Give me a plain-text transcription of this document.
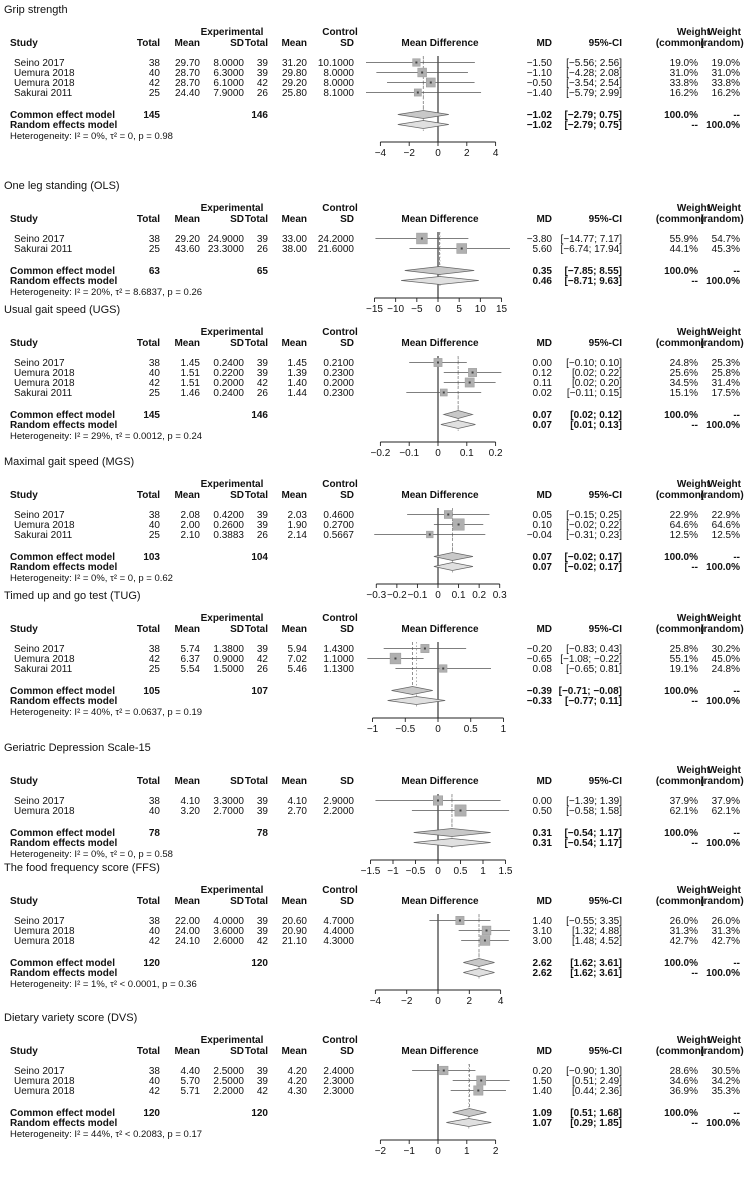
Grip strength
Experimental	Control	Weight
Weight
Study	Total Mean	SD Total Mean	SD	Mean Difference	MD	95%-CI	(common)
(random)
Seino 2017	38 29.70 8.0000 39 31.20 10.1000	−1.50 [−5.56; 2.56]	19.0% 19.0%
Uemura 2018	40 28.70 6.3000 39 29.80 8.0000	−1.10 [−4.28; 2.08]	31.0% 31.0%
Uemura 2018	42 28.70 6.1000 42 29.20 8.0000	−0.50 [−3.54; 2.54]	33.8% 33.8%
Sakurai 2011	25 24.40 7.9000 26 25.80 8.1000	−1.40 [−5.79; 2.99]	16.2% 16.2%
Common effect model	145	146	−1.02 [−2.79; 0.75]	100.0%	--
Random effects model	−1.02 [−2.79; 0.75]	-- 100.0%
Heterogeneity: I² = 0%, τ² = 0, p = 0.98
−4 −2 0 2 4
One leg standing (OLS)
Experimental	Control	Weight
Weight
Study	Total Mean	SD Total Mean	SD	Mean Difference	MD	95%-CI	(common)
(random)
Seino 2017	38 29.20 24.9000 39 33.00 24.2000	−3.80 [−14.77; 7.17]	55.9% 54.7%
Sakurai 2011	25 43.60 23.3000 26 38.00 21.6000	5.60 [−6.74; 17.94]	44.1% 45.3%
Common effect model	63	65	0.35 [−7.85; 8.55]	100.0%	--
Random effects model	0.46 [−8.71; 9.63]	-- 100.0%
Heterogeneity: I² = 20%, τ² = 8.6837, p = 0.26
−15 −10 −5 0 5 10 15
Usual gait speed (UGS)
Experimental	Control	Weight
Weight
Study	Total Mean	SD Total Mean	SD	Mean Difference	MD	95%-CI	(common)
(random)
Seino 2017	38 1.45 0.2400 39 1.45 0.2100	0.00 [−0.10; 0.10]	24.8% 25.3%
Uemura 2018	40 1.51 0.2200 39 1.39 0.2300	0.12 [0.02; 0.22]	25.6% 25.8%
Uemura 2018	42 1.51 0.2000 42 1.40 0.2000	0.11 [0.02; 0.20]	34.5% 31.4%
Sakurai 2011	25 1.46 0.2400 26 1.44 0.2300	0.02 [−0.11; 0.15]	15.1% 17.5%
Common effect model	145	146	0.07 [0.02; 0.12]	100.0%	--
Random effects model	0.07 [0.01; 0.13]	-- 100.0%
Heterogeneity: I² = 29%, τ² = 0.0012, p = 0.24
−0.2 −0.1 0 0.1 0.2
Maximal gait speed (MGS)
Experimental	Control	Weight
Weight
Study	Total Mean	SD Total Mean	SD	Mean Difference	MD	95%-CI	(common)
(random)
Seino 2017	38 2.08 0.4200 39 2.03 0.4600	0.05 [−0.15; 0.25]	22.9% 22.9%
Uemura 2018	40 2.00 0.2600 39 1.90 0.2700	0.10 [−0.02; 0.22]	64.6% 64.6%
Sakurai 2011	25 2.10 0.3883 26 2.14 0.5667	−0.04 [−0.31; 0.23]	12.5% 12.5%
Common effect model	103	104	0.07 [−0.02; 0.17]	100.0%	--
Random effects model	0.07 [−0.02; 0.17]	-- 100.0%
Heterogeneity: I² = 0%, τ² = 0, p = 0.62
−0.3 −0.2 −0.1 0 0.1 0.2 0.3
Timed up and go test (TUG)
Experimental	Control	Weight
Weight
Study	Total Mean	SD Total Mean	SD	Mean Difference	MD	95%-CI	(common)
(random)
Seino 2017	38 5.74 1.3800 39 5.94 1.4300	−0.20 [−0.83; 0.43]	25.8% 30.2%
Uemura 2018	42 6.37 0.9000 42 7.02 1.1000	−0.65 [−1.08; −0.22]	55.1% 45.0%
Sakurai 2011	25 5.54 1.5000 26 5.46 1.1300	0.08 [−0.65; 0.81]	19.1% 24.8%
Common effect model	105	107	−0.39 [−0.71; −0.08]	100.0%	--
Random effects model	−0.33 [−0.77; 0.11]	-- 100.0%
Heterogeneity: I² = 40%, τ² = 0.0637, p = 0.19
−1 −0.5 0 0.5 1
Geriatric Depression Scale-15
Weight
Weight
Study	Total Mean	SD Total Mean	SD	Mean Difference	MD	95%-CI	(common)
(random)
Seino 2017	38 4.10 3.3000 39 4.10 2.9000	0.00 [−1.39; 1.39]	37.9% 37.9%
Uemura 2018	40 3.20 2.7000 39 2.70 2.2000	0.50 [−0.58; 1.58]	62.1% 62.1%
Common effect model	78	78	0.31 [−0.54; 1.17]	100.0%	--
Random effects model	0.31 [−0.54; 1.17]	-- 100.0%
Heterogeneity: I² = 0%, τ² = 0, p = 0.58
−1.5 −1 −0.5 0 0.5 1 1.5
The food frequency score (FFS)
Experimental	Control	Weight
Weight
Study	Total Mean	SD Total Mean	SD	Mean Difference	MD	95%-CI	(common)
(random)
Seino 2017	38 22.00 4.0000 39 20.60 4.7000	1.40 [−0.55; 3.35]	26.0% 26.0%
Uemura 2018	40 24.00 3.6000 39 20.90 4.4000	3.10 [1.32; 4.88]	31.3% 31.3%
Uemura 2018	42 24.10 2.6000 42 21.10 4.3000	3.00 [1.48; 4.52]	42.7% 42.7%
Common effect model	120	120	2.62 [1.62; 3.61]	100.0%	--
Random effects model	2.62 [1.62; 3.61]	-- 100.0%
Heterogeneity: I² = 1%, τ² < 0.0001, p = 0.36
−4 −2 0	2	4
Dietary variety score (DVS)
Experimental	Control	Weight
Weight
Study	Total Mean	SD Total Mean	SD	Mean Difference	MD	95%-CI	(common)
(random)
Seino 2017	38 4.40 2.5000 39 4.20 2.4000	0.20 [−0.90; 1.30]	28.6% 30.5%
Uemura 2018	40 5.70 2.5000 39 4.20 2.3000	1.50 [0.51; 2.49]	34.6% 34.2%
Uemura 2018	42 5.71 2.2000 42 4.30 2.3000	1.40 [0.44; 2.36]	36.9% 35.3%
Common effect model	120	120	1.09 [0.51; 1.68]	100.0%	--
Random effects model	1.07 [0.29; 1.85]	-- 100.0%
Heterogeneity: I² = 44%, τ² < 0.2083, p = 0.17
−2 −1 0 1 2
